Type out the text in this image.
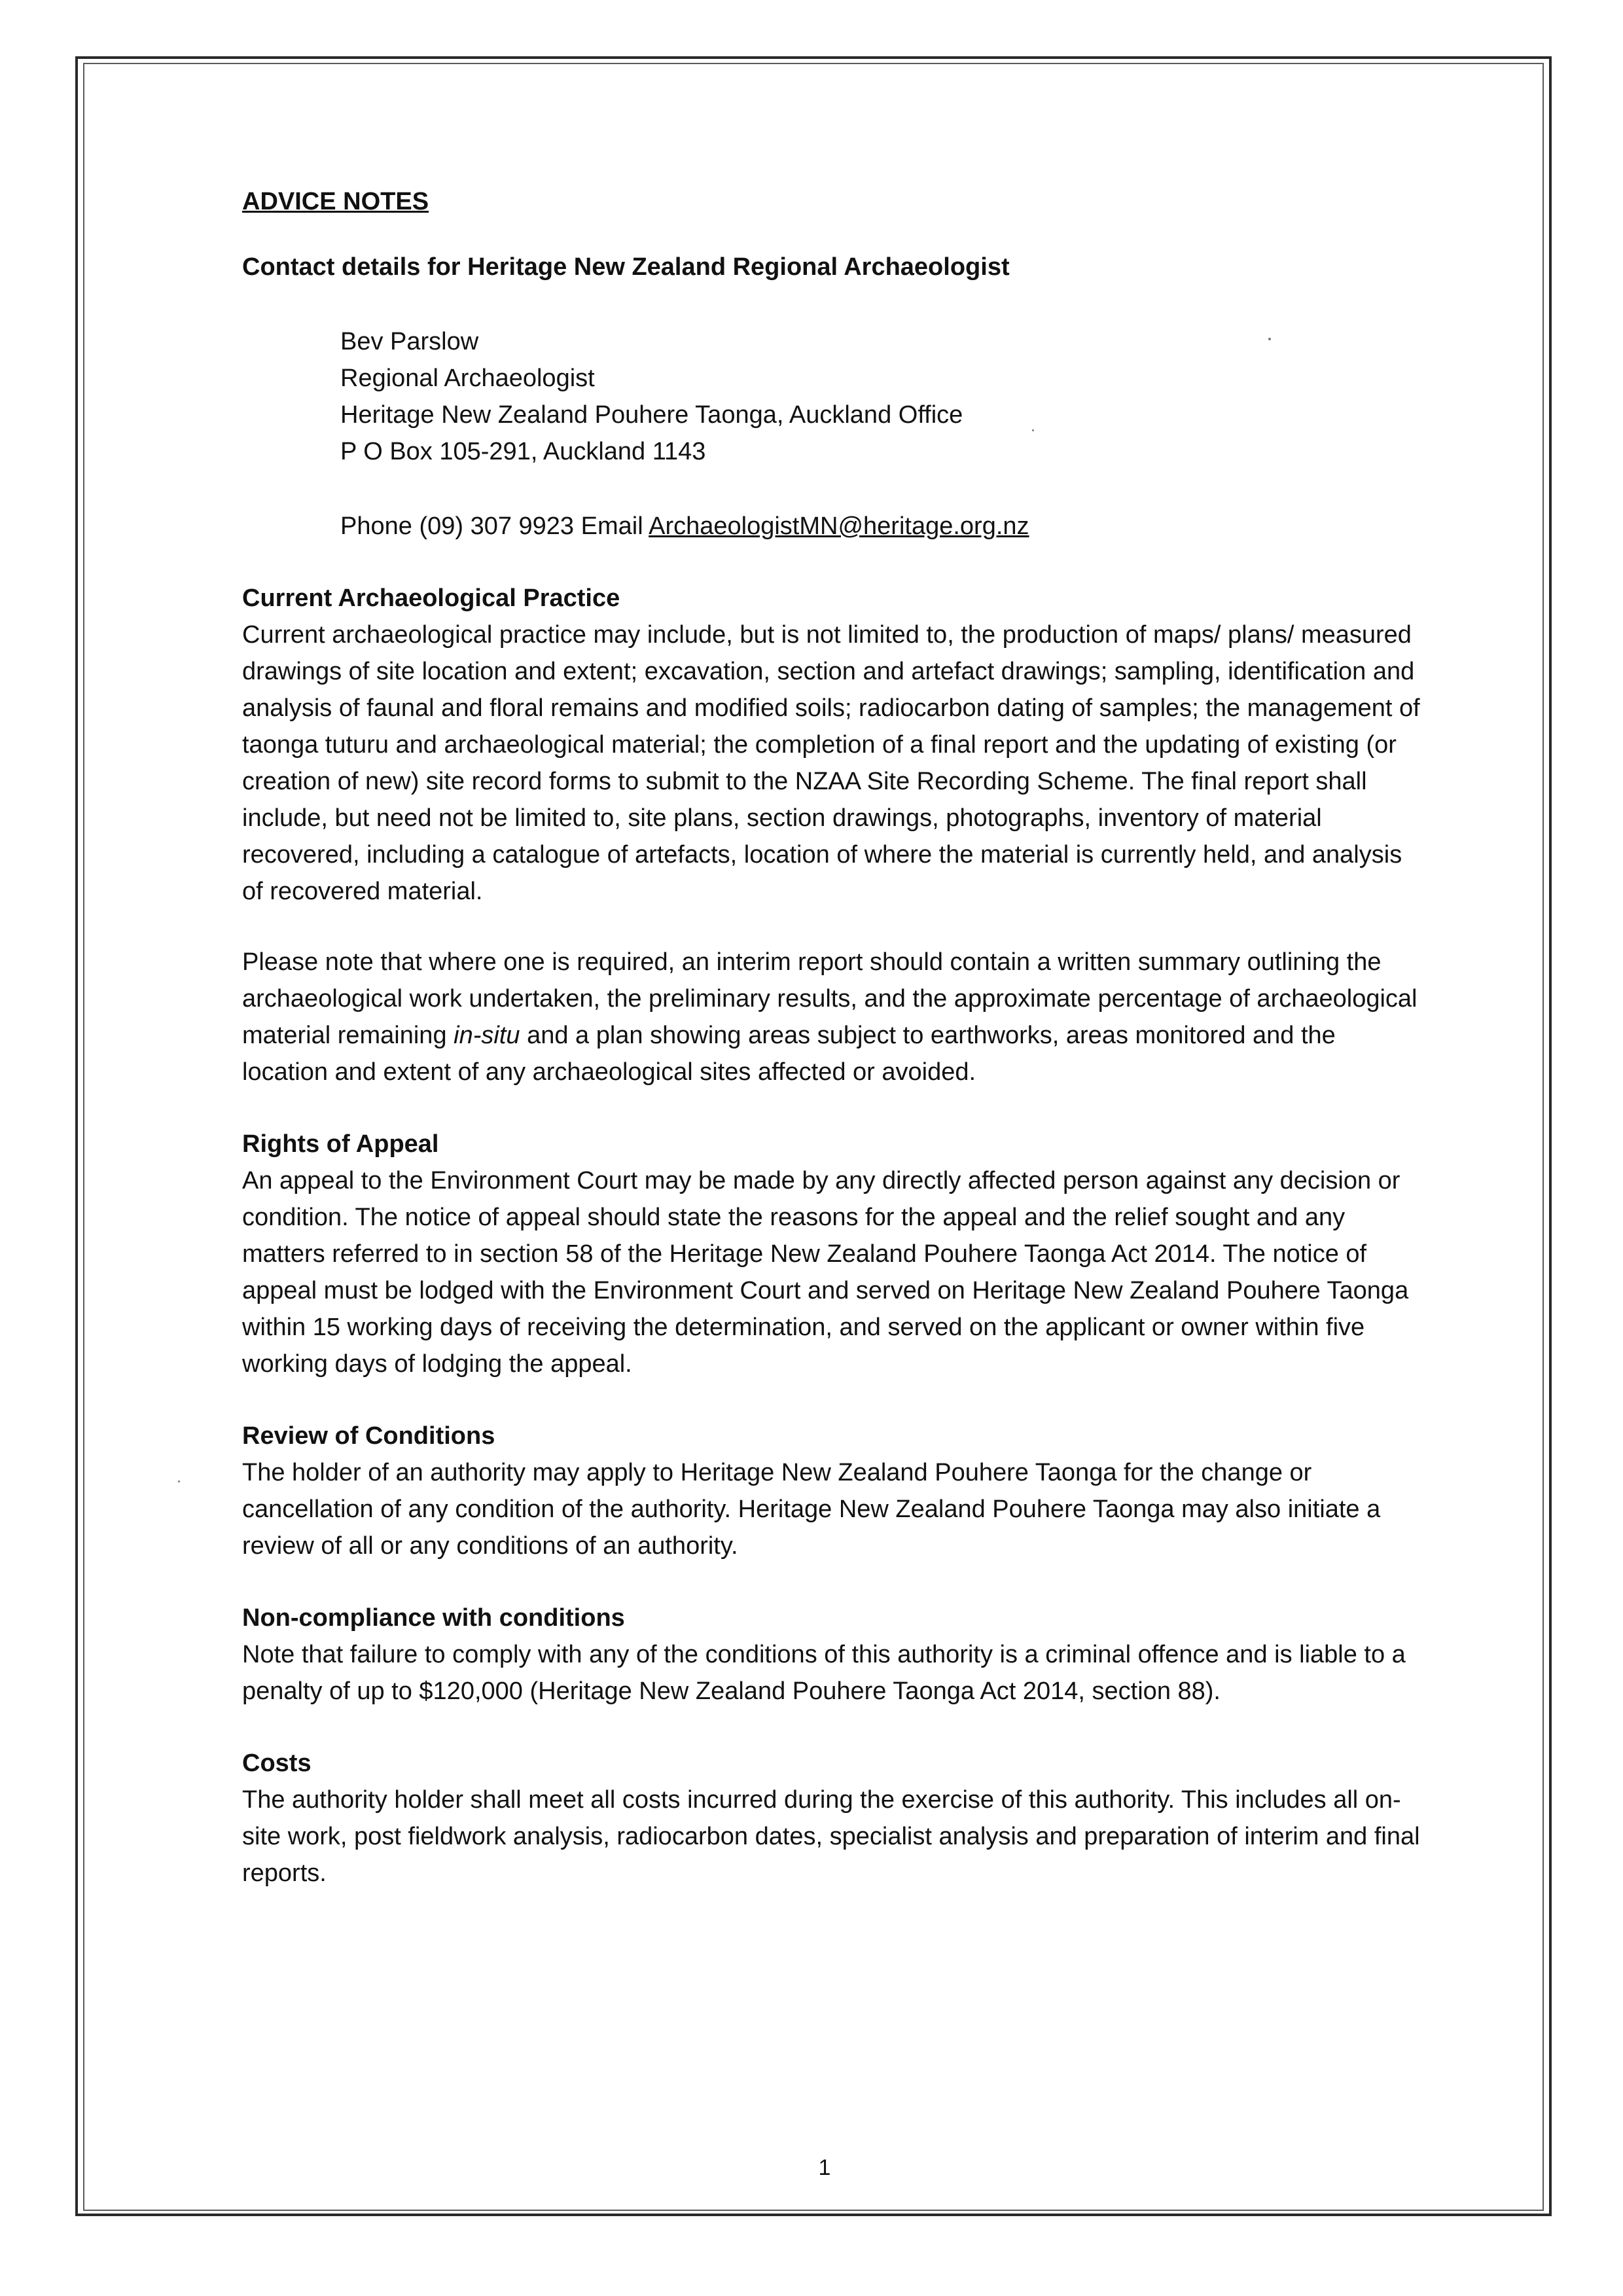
ADVICE NOTES

Contact details for Heritage New Zealand Regional Archaeologist

Bev Parslow
Regional Archaeologist
Heritage New Zealand Pouhere Taonga, Auckland Office
P O Box 105-291, Auckland 1143
Phone (09) 307 9923 Email ArchaeologistMN@heritage.org.nz
Current Archaeological Practice

Current archaeological practice may include, but is not limited to, the production of maps/ plans/ measured drawings of site location and extent; excavation, section and artefact drawings; sampling, identification and analysis of faunal and floral remains and modified soils; radiocarbon dating of samples; the management of taonga tuturu and archaeological material; the completion of a final report and the updating of existing (or creation of new) site record forms to submit to the NZAA Site Recording Scheme. The final report shall include, but need not be limited to, site plans, section drawings, photographs, inventory of material recovered, including a catalogue of artefacts, location of where the material is currently held, and analysis of recovered material.

Please note that where one is required, an interim report should contain a written summary outlining the archaeological work undertaken, the preliminary results, and the approximate percentage of archaeological material remaining in-situ and a plan showing areas subject to earthworks, areas monitored and the location and extent of any archaeological sites affected or avoided.

Rights of Appeal

An appeal to the Environment Court may be made by any directly affected person against any decision or condition. The notice of appeal should state the reasons for the appeal and the relief sought and any matters referred to in section 58 of the Heritage New Zealand Pouhere Taonga Act 2014. The notice of appeal must be lodged with the Environment Court and served on Heritage New Zealand Pouhere Taonga within 15 working days of receiving the determination, and served on the applicant or owner within five working days of lodging the appeal.

Review of Conditions

The holder of an authority may apply to Heritage New Zealand Pouhere Taonga for the change or cancellation of any condition of the authority. Heritage New Zealand Pouhere Taonga may also initiate a review of all or any conditions of an authority.

Non-compliance with conditions

Note that failure to comply with any of the conditions of this authority is a criminal offence and is liable to a penalty of up to $120,000 (Heritage New Zealand Pouhere Taonga Act 2014, section 88).

Costs

The authority holder shall meet all costs incurred during the exercise of this authority. This includes all on-site work, post fieldwork analysis, radiocarbon dates, specialist analysis and preparation of interim and final reports.

1
